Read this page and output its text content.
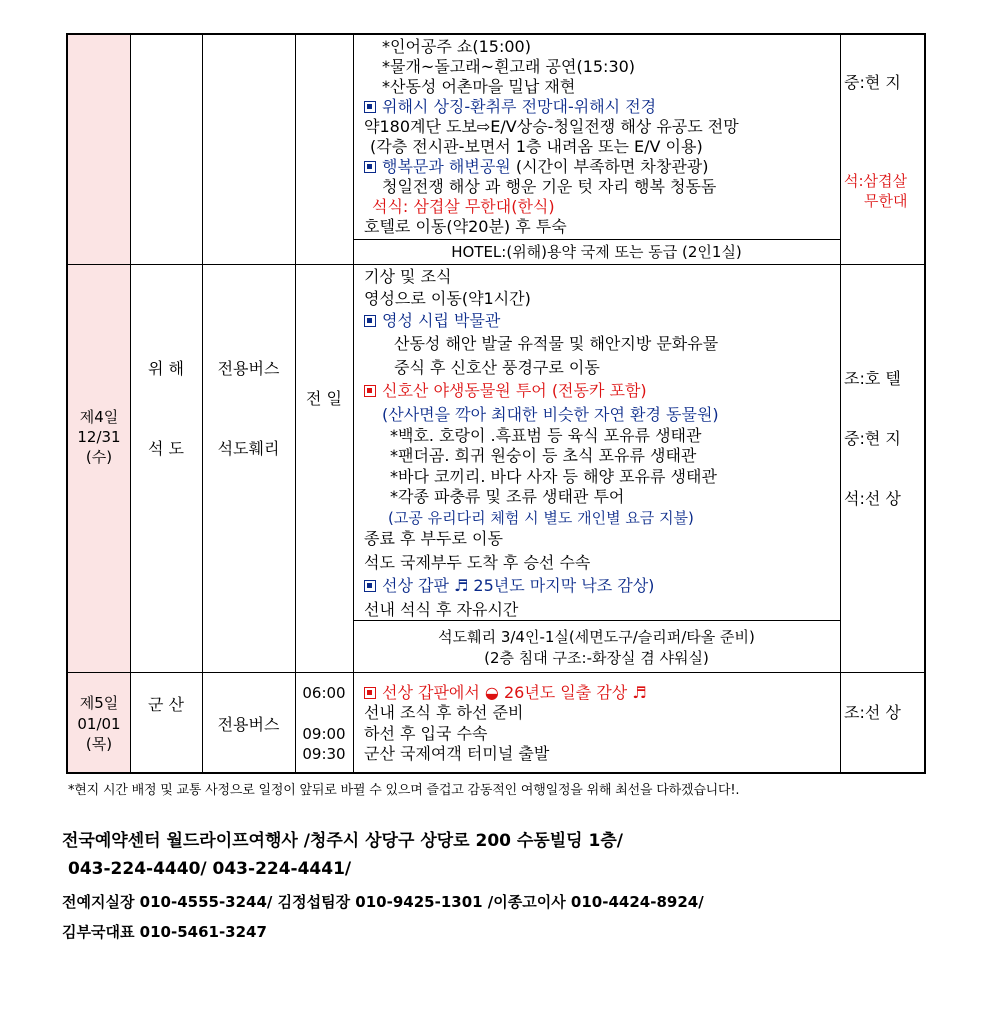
*인어공주 쇼(15:00)
*물개~돌고래~흰고래 공연(15:30)
*산동성 어촌마을 밀납 재현
위해시 상징-환취루 전망대-위해시 전경
약180계단 도보⇨E/V상승-청일전쟁 해상 유공도 전망
(각층 전시관-보면서 1층 내려옴 또는 E/V 이용)
행복문과 해변공원 (시간이 부족하면 차창관광)
청일전쟁 해상 과 행운 기운 텃 자리 행복 청동돔
석식: 삼겹살 무한대(한식)
호텔로 이동(약20분) 후 투숙
HOTEL:(위해)용약 국제 또는 동급 (2인1실)
중:현 지
석:삼겹살
무한대
제4일
12/31
(수)
위 해
석 도
전용버스
석도훼리
전 일
기상 및 조식
영성으로 이동(약1시간)
영성 시립 박물관
산동성 해안 발굴 유적물 및 해안지방 문화유물
중식 후 신호산 풍경구로 이동
신호산 야생동물원 투어 (전동카 포함)
(산사면을 깍아 최대한 비슷한 자연 환경 동물원)
*백호. 호랑이 .흑표범 등 육식 포유류 생태관
*팬더곰. 희귀 원숭이 등 초식 포유류 생태관
*바다 코끼리. 바다 사자 등 해양 포유류 생태관
*각종 파충류 및 조류 생태관 투어
(고공 유리다리 체험 시 별도 개인별 요금 지불)
종료 후 부두로 이동
석도 국제부두 도착 후 승선 수속
선상 갑판 ♬ 25년도 마지막 낙조 감상)
선내 석식 후 자유시간
석도훼리 3/4인-1실(세면도구/슬리퍼/타올 준비)
(2층 침대 구조:-화장실 겸 샤워실)
조:호 텔
중:현 지
석:선 상
제5일
01/01
(목)
군 산
전용버스
06:00
09:00
09:30
선상 갑판에서 ◒ 26년도 일출 감상 ♬
선내 조식 후 하선 준비
하선 후 입국 수속
군산 국제여객 터미널 출발
조:선 상
*현지 시간 배정 및 교통 사정으로 일정이 앞뒤로 바뀔 수 있으며 즐겁고 감동적인 여행일정을 위해 최선을 다하겠습니다!.
전국예약센터 월드라이프여행사 /청주시 상당구 상당로 200 수동빌딩 1층/
043-224-4440/ 043-224-4441/
전예지실장 010-4555-3244/ 김정섭팀장 010-9425-1301 /이종고이사 010-4424-8924/
김부국대표 010-5461-3247
